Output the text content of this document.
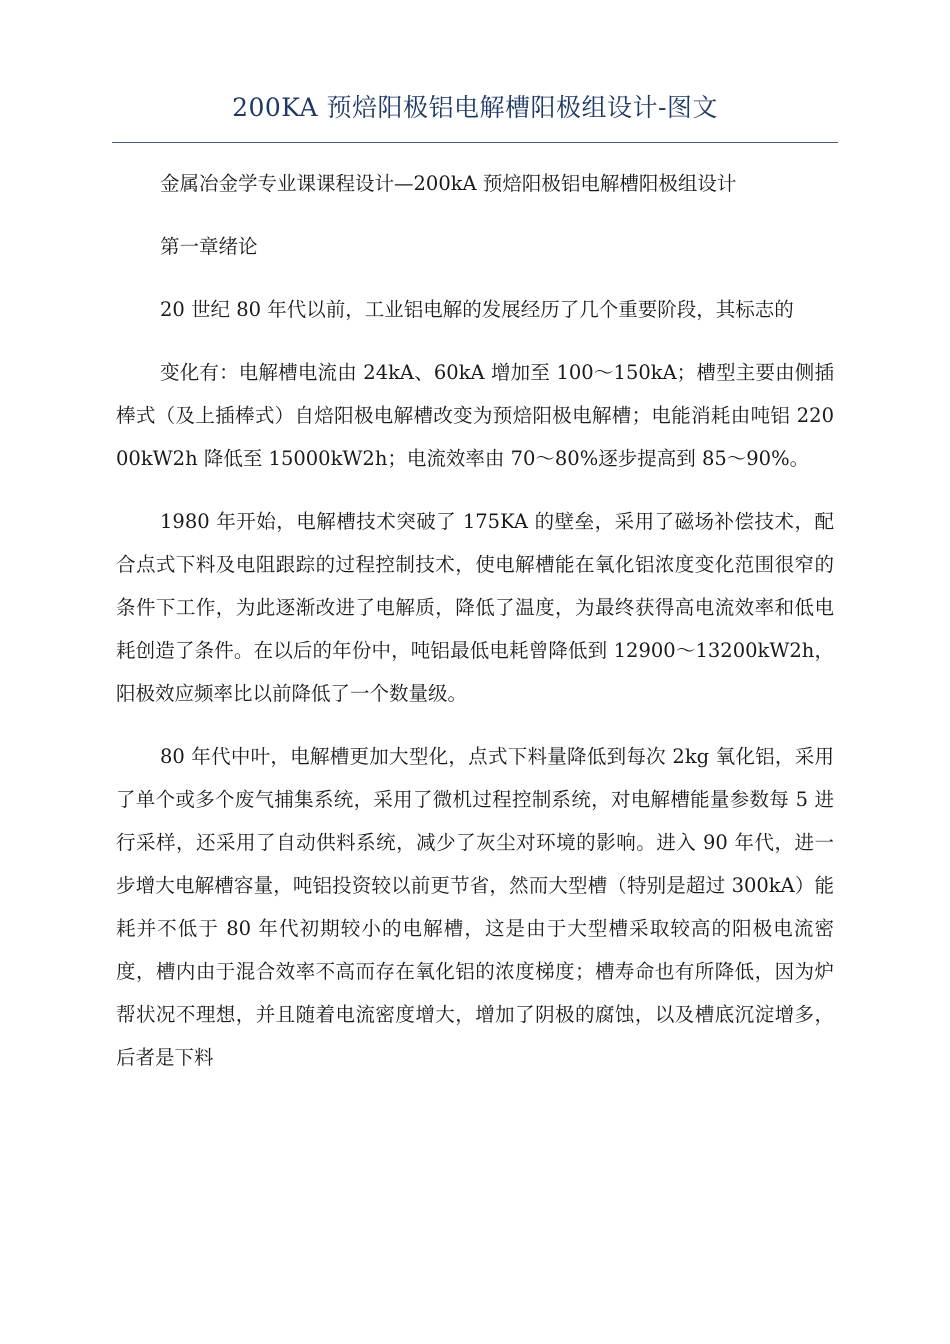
200KA 预焙阳极铝电解槽阳极组设计-图文

金属冶金学专业课课程设计—200kA 预焙阳极铝电解槽阳极组设计

第一章绪论

20 世纪 80 年代以前，工业铝电解的发展经历了几个重要阶段，其标志的

变化有：电解槽电流由 24kA、60kA 增加至 100～150kA；槽型主要由侧插棒式（及上插棒式）自焙阳极电解槽改变为预焙阳极电解槽；电能消耗由吨铝 22000kW2h 降低至 15000kW2h；电流效率由 70～80%逐步提高到 85～90%。

1980 年开始，电解槽技术突破了 175KA 的壁垒，采用了磁场补偿技术，配合点式下料及电阻跟踪的过程控制技术，使电解槽能在氧化铝浓度变化范围很窄的条件下工作，为此逐渐改进了电解质，降低了温度，为最终获得高电流效率和低电耗创造了条件。在以后的年份中，吨铝最低电耗曾降低到 12900～13200kW2h，阳极效应频率比以前降低了一个数量级。

80 年代中叶，电解槽更加大型化，点式下料量降低到每次 2kg 氧化铝，采用了单个或多个废气捕集系统，采用了微机过程控制系统，对电解槽能量参数每 5 进行采样，还采用了自动供料系统，减少了灰尘对环境的影响。进入 90 年代，进一步增大电解槽容量，吨铝投资较以前更节省，然而大型槽（特别是超过 300kA）能耗并不低于 80 年代初期较小的电解槽，这是由于大型槽采取较高的阳极电流密度，槽内由于混合效率不高而存在氧化铝的浓度梯度；槽寿命也有所降低，因为炉帮状况不理想，并且随着电流密度增大，增加了阴极的腐蚀，以及槽底沉淀增多，后者是下料
